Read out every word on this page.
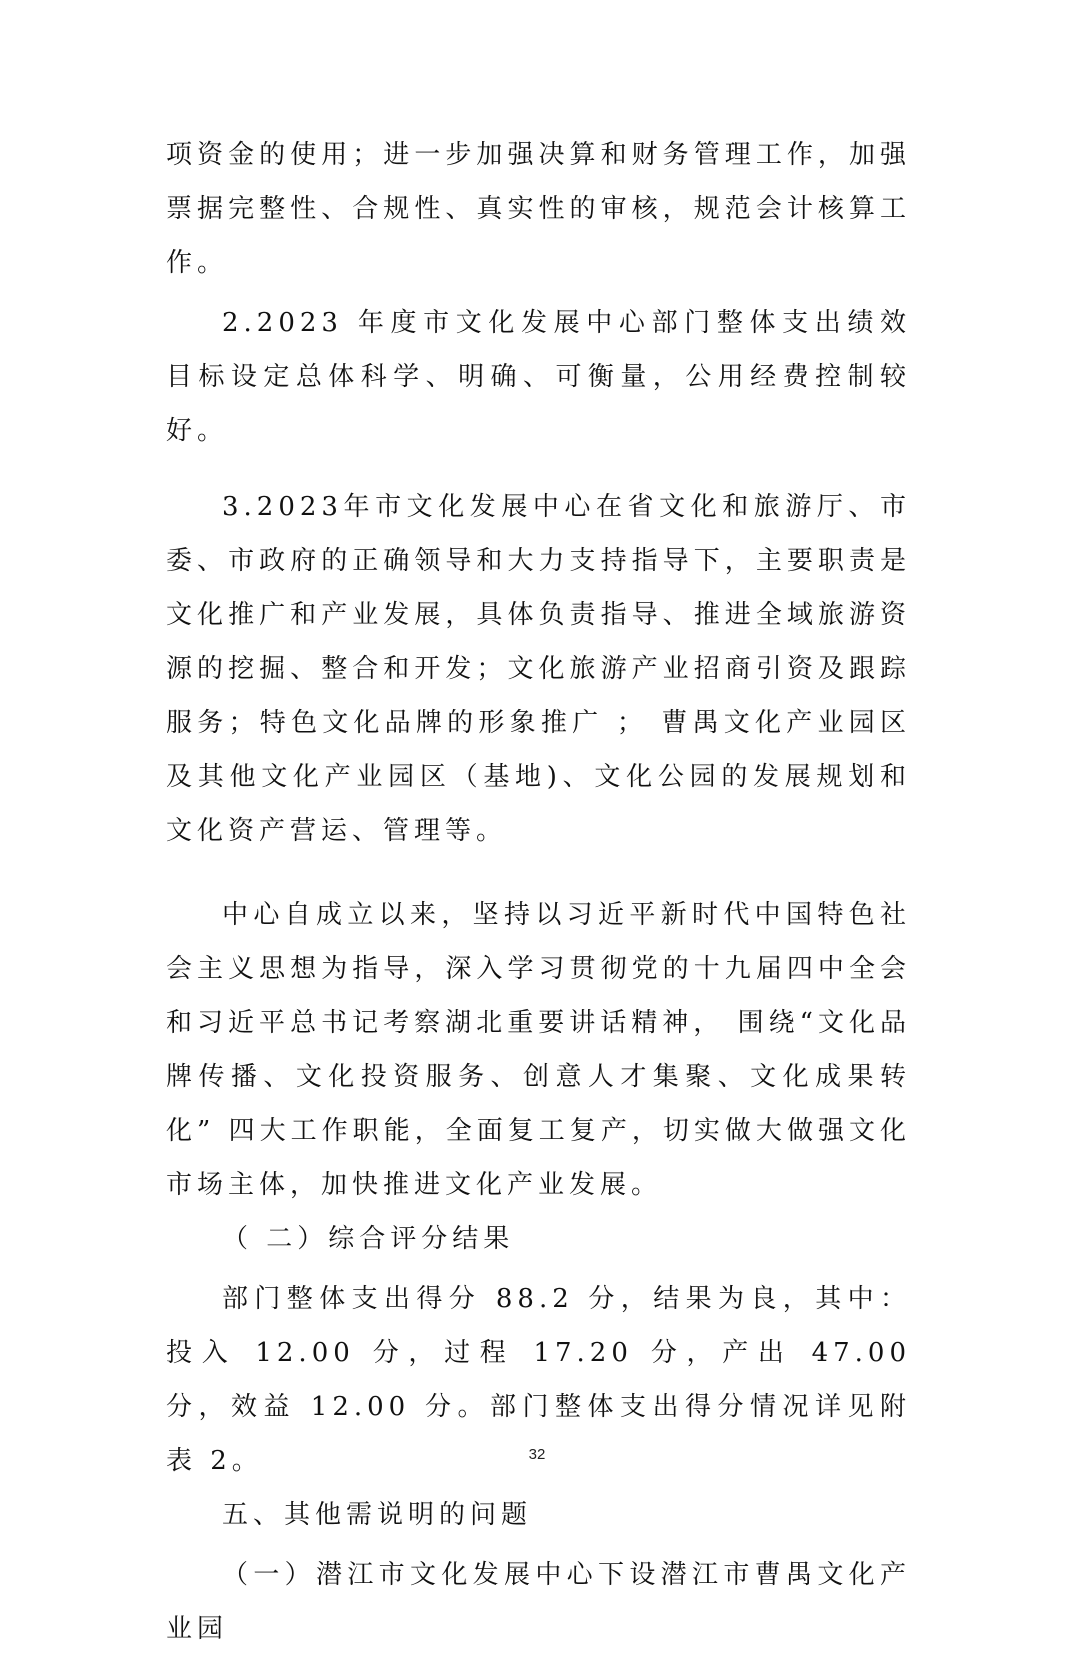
项资金的使用；进一步加强决算和财务管理工作，加强票据完整性、合规性、真实性的审核，规范会计核算工作。

2.2023 年度市文化发展中心部门整体支出绩效目标设定总体科学、明确、可衡量，公用经费控制较好。

3.2023年市文化发展中心在省文化和旅游厅、市委、市政府的正确领导和大力支持指导下，主要职责是文化推广和产业发展，具体负责指导、推进全域旅游资源的挖掘、整合和开发；文化旅游产业招商引资及跟踪服务；特色文化品牌的形象推广 ； 曹禺文化产业园区及其他文化产业园区（基地)、文化公园的发展规划和文化资产营运、管理等。

中心自成立以来，坚持以习近平新时代中国特色社会主义思想为指导，深入学习贯彻党的十九届四中全会和习近平总书记考察湖北重要讲话精神， 围绕“文化品牌传播、文化投资服务、创意人才集聚、文化成果转化” 四大工作职能，全面复工复产，切实做大做强文化市场主体，加快推进文化产业发展。

（ 二）综合评分结果

部门整体支出得分 88.2 分，结果为良，其中：投入 12.00 分，过程 17.20 分，产出 47.00 分，效益 12.00 分。部门整体支出得分情况详见附表 2。

五、其他需说明的问题

（一）潜江市文化发展中心下设潜江市曹禺文化产业园

32
